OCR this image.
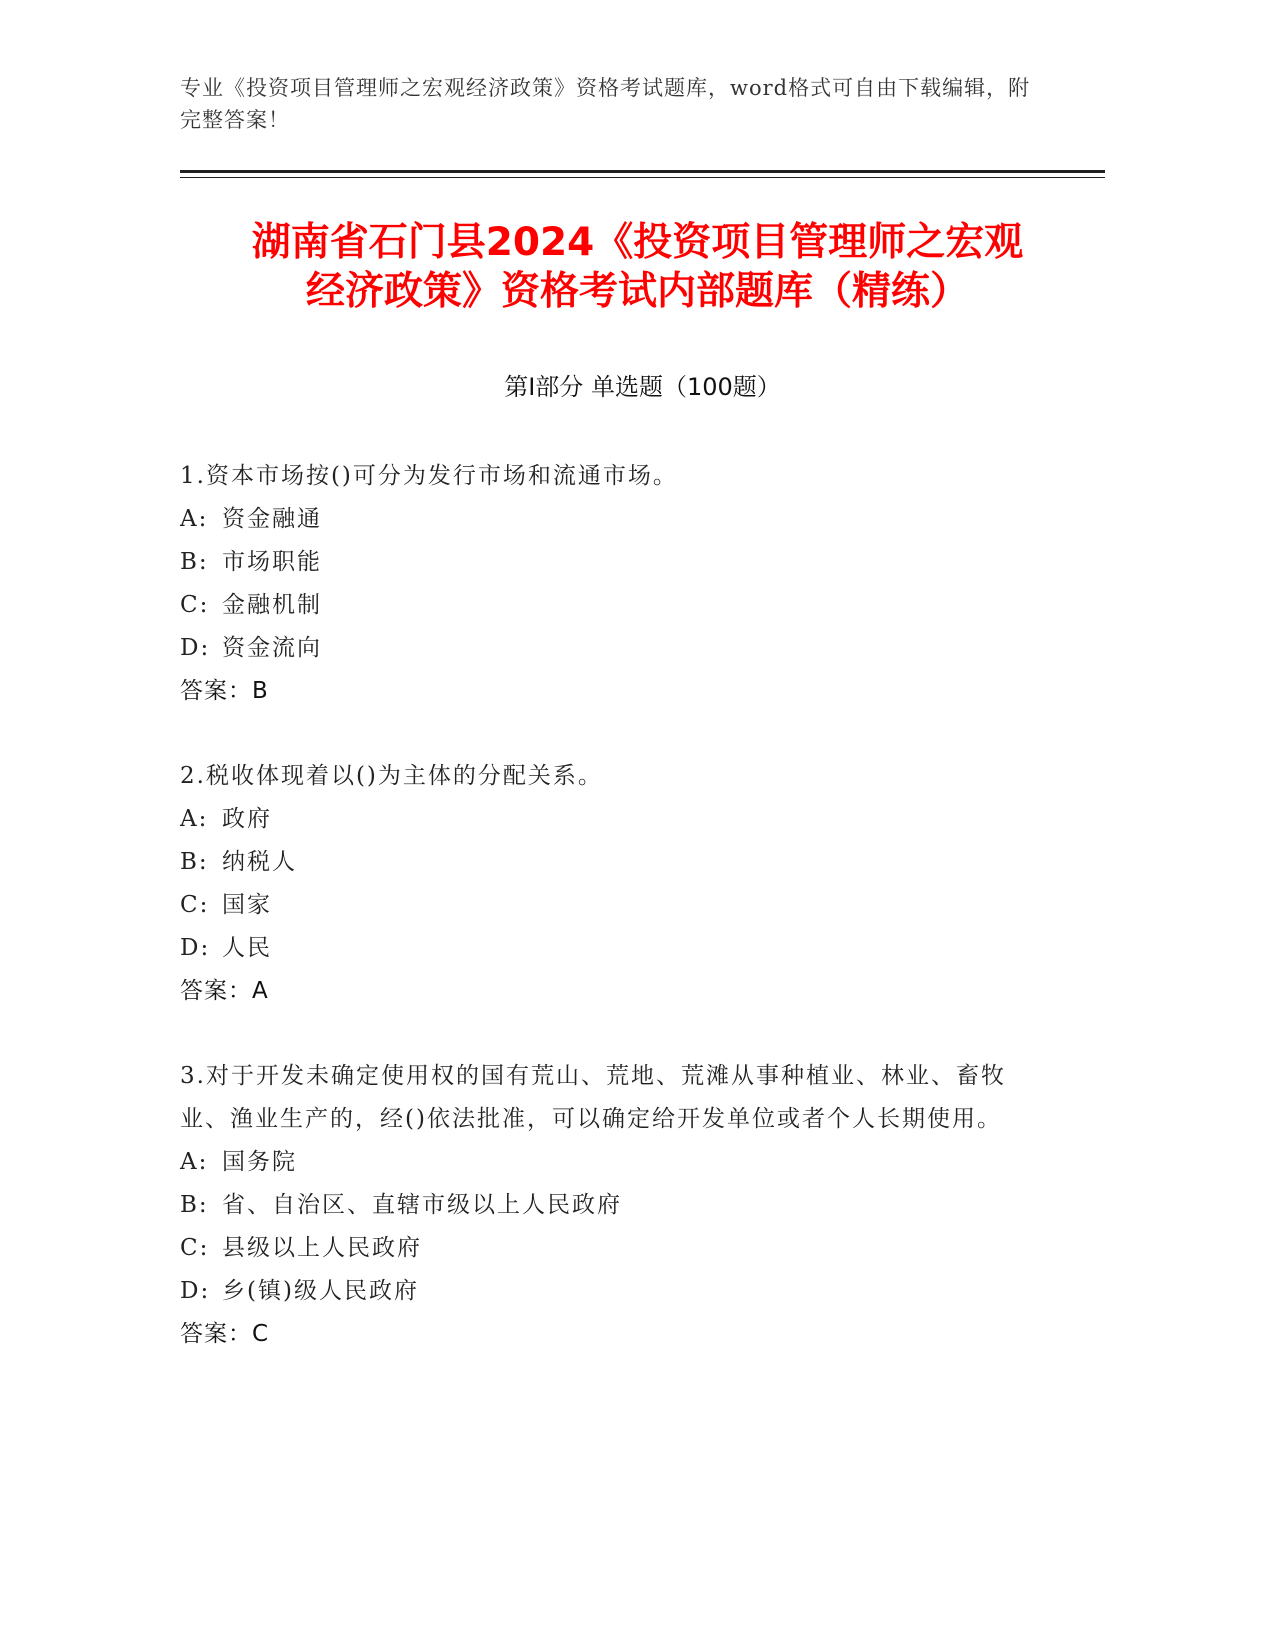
专业《投资项目管理师之宏观经济政策》资格考试题库，word格式可自由下载编辑，附完整答案！
湖南省石门县2024《投资项目管理师之宏观
经济政策》资格考试内部题库（精练）
第Ⅰ部分 单选题（100题）
1.资本市场按()可分为发行市场和流通市场。
A: 资金融通
B: 市场职能
C: 金融机制
D: 资金流向
答案：B
2.税收体现着以()为主体的分配关系。
A: 政府
B: 纳税人
C: 国家
D: 人民
答案：A
3.对于开发未确定使用权的国有荒山、荒地、荒滩从事种植业、林业、畜牧业、渔业生产的，经()依法批准，可以确定给开发单位或者个人长期使用。
A: 国务院
B: 省、自治区、直辖市级以上人民政府
C: 县级以上人民政府
D: 乡(镇)级人民政府
答案：C
